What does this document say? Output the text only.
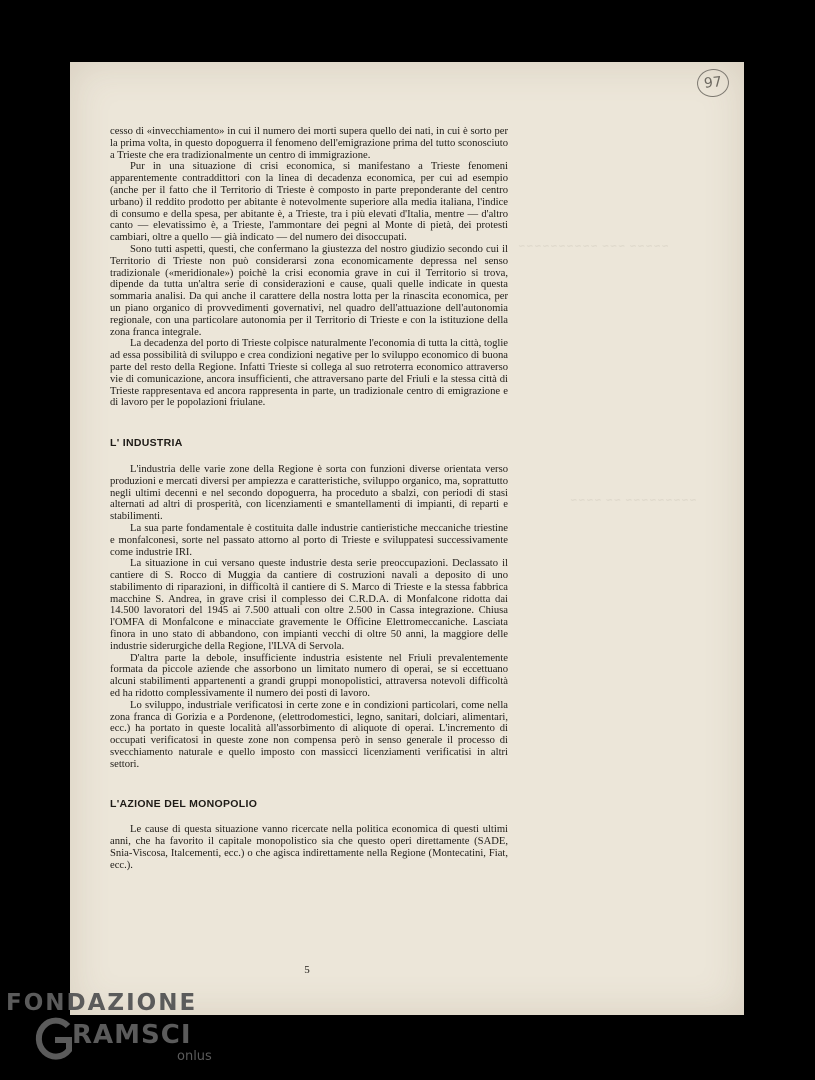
97
~~~~~~~~~~ ~~~ ~~~~~
~~~~ ~~ ~~~~~~~~~

cesso di «invecchiamento» in cui il numero dei morti supera quello dei nati, in cui è sorto per la prima volta, in questo dopoguerra il fenomeno dell'emigrazione prima del tutto sconosciuto a Trieste che era tradizionalmente un centro di immigrazione.

Pur in una situazione di crisi economica, si manifestano a Trieste fenomeni apparentemente contraddittori con la linea di decadenza economica, per cui ad esempio (anche per il fatto che il Territorio di Trieste è composto in parte preponderante del centro urbano) il reddito prodotto per abitante è notevolmente superiore alla media italiana, l'indice di consumo e della spesa, per abitante è, a Trieste, tra i più elevati d'Italia, mentre — d'altro canto — elevatissimo è, a Trieste, l'ammontare dei pegni al Monte di pietà, dei protesti cambiari, oltre a quello — già indicato — del numero dei disoccupati.

Sono tutti aspetti, questi, che confermano la giustezza del nostro giudizio secondo cui il Territorio di Trieste non può considerarsi zona economicamente depressa nel senso tradizionale («meridionale») poichè la crisi economia grave in cui il Territorio si trova, dipende da tutta un'altra serie di considerazioni e cause, quali quelle indicate in questa sommaria analisi. Da qui anche il carattere della nostra lotta per la rinascita economica, per un piano organico di provvedimenti governativi, nel quadro dell'attuazione dell'autonomia regionale, con una particolare autonomia per il Territorio di Trieste e con la istituzione della zona franca integrale.

La decadenza del porto di Trieste colpisce naturalmente l'economia di tutta la città, toglie ad essa possibilità di sviluppo e crea condizioni negative per lo sviluppo economico di buona parte del resto della Regione. Infatti Trieste si collega al suo retroterra economico attraverso vie di comunicazione, ancora insufficienti, che attraversano parte del Friuli e la stessa città di Trieste rappresentava ed ancora rappresenta in parte, un tradizionale centro di emigrazione e di lavoro per le popolazioni friulane.

L' INDUSTRIA

L'industria delle varie zone della Regione è sorta con funzioni diverse orientata verso produzioni e mercati diversi per ampiezza e caratteristiche, sviluppo organico, ma, soprattutto negli ultimi decenni e nel secondo dopoguerra, ha proceduto a sbalzi, con periodi di stasi alternati ad altri di prosperità, con licenziamenti e smantellamenti di impianti, di reparti e stabilimenti.

La sua parte fondamentale è costituita dalle industrie cantieristiche meccaniche triestine e monfalconesi, sorte nel passato attorno al porto di Trieste e sviluppatesi successivamente come industrie IRI.

La situazione in cui versano queste industrie desta serie preoccupazioni. Declassato il cantiere di S. Rocco di Muggia da cantiere di costruzioni navali a deposito di uno stabilimento di riparazioni, in difficoltà il cantiere di S. Marco di Trieste e la stessa fabbrica macchine S. Andrea, in grave crisi il complesso dei C.R.D.A. di Monfalcone ridotta dai 14.500 lavoratori del 1945 ai 7.500 attuali con oltre 2.500 in Cassa integrazione. Chiusa l'OMFA di Monfalcone e minacciate gravemente le Officine Elettromeccaniche. Lasciata finora in uno stato di abbandono, con impianti vecchi di oltre 50 anni, la maggiore delle industrie siderurgiche della Regione, l'ILVA di Servola.

D'altra parte la debole, insufficiente industria esistente nel Friuli prevalentemente formata da piccole aziende che assorbono un limitato numero di operai, se si eccettuano alcuni stabilimenti appartenenti a grandi gruppi monopolistici, attraversa notevoli difficoltà ed ha ridotto complessivamente il numero dei posti di lavoro.

Lo sviluppo, industriale verificatosi in certe zone e in condizioni particolari, come nella zona franca di Gorizia e a Pordenone, (elettrodomestici, legno, sanitari, dolciari, alimentari, ecc.) ha portato in queste località all'assorbimento di aliquote di operai. L'incremento di occupati verificatosi in queste zone non compensa però in senso generale il processo di svecchiamento naturale e quello imposto con massicci licenziamenti verificatisi in altri settori.

L'AZIONE DEL MONOPOLIO

Le cause di questa situazione vanno ricercate nella politica economica di questi ultimi anni, che ha favorito il capitale monopolistico sia che questo operi direttamente (SADE, Snia-Viscosa, Italcementi, ecc.) o che agisca indirettamente nella Regione (Montecatini, Fiat, ecc.).

5
FONDAZIONE
RAMSCI
onlus
